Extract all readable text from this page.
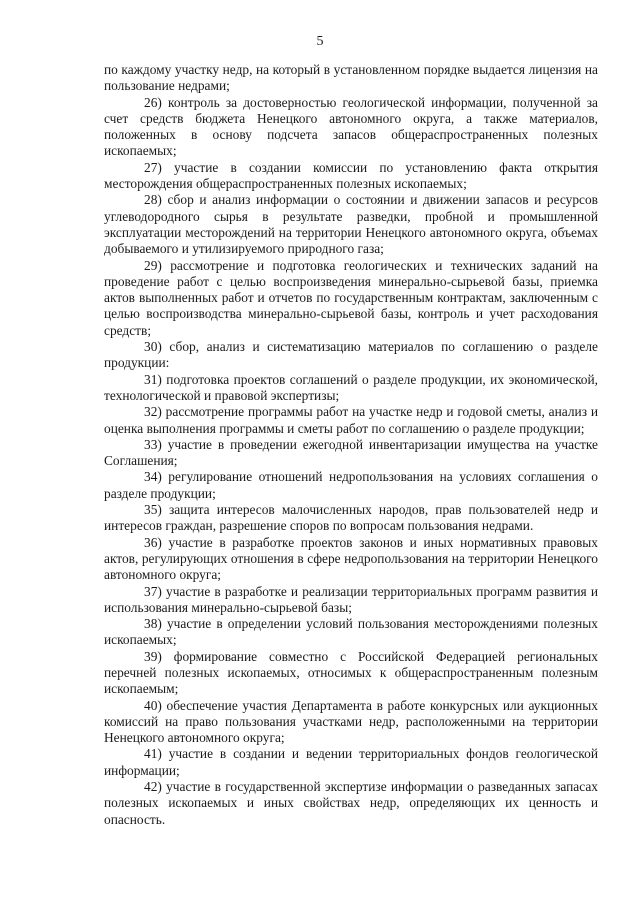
5

по каждому участку недр, на который в установленном порядке выдается лицензия на пользование недрами;

26) контроль за достоверностью геологической информации, полученной за счет средств бюджета Ненецкого автономного округа, а также материалов, положенных в основу подсчета запасов общераспространенных полезных ископаемых;

27) участие в создании комиссии по установлению факта открытия месторождения общераспространенных полезных ископаемых;

28) сбор и анализ информации о состоянии и движении запасов и ресурсов углеводородного сырья в результате разведки, пробной и промышленной эксплуатации месторождений на территории Ненецкого автономного округа, объемах добываемого и утилизируемого природного газа;

29) рассмотрение и подготовка геологических и технических заданий на проведение работ с целью воспроизведения минерально-сырьевой базы, приемка актов выполненных работ и отчетов по государственным контрактам, заключенным с целью воспроизводства минерально-сырьевой базы, контроль и учет расходования средств;

30) сбор, анализ и систематизацию материалов по соглашению о разделе продукции:

31) подготовка проектов соглашений о разделе продукции, их экономической, технологической и правовой экспертизы;

32) рассмотрение программы работ на участке недр и годовой сметы, анализ и оценка выполнения программы и сметы работ по соглашению о разделе продукции;

33) участие в проведении ежегодной инвентаризации имущества на участке Соглашения;

34) регулирование отношений недропользования на условиях соглашения о разделе продукции;

35) защита интересов малочисленных народов, прав пользователей недр и интересов граждан, разрешение споров по вопросам пользования недрами.

36) участие в разработке проектов законов и иных нормативных правовых актов, регулирующих отношения в сфере недропользования на территории Ненецкого автономного округа;

37) участие в разработке и реализации территориальных программ развития и использования минерально-сырьевой базы;

38) участие в определении условий пользования месторождениями полезных ископаемых;

39) формирование совместно с Российской Федерацией региональных перечней полезных ископаемых, относимых к общераспространенным полезным ископаемым;

40) обеспечение участия Департамента в работе конкурсных или аукционных комиссий на право пользования участками недр, расположенными на территории Ненецкого автономного округа;

41) участие в создании и ведении территориальных фондов геологической информации;

42) участие в государственной экспертизе информации о разведанных запасах полезных ископаемых и иных свойствах недр, определяющих их ценность и опасность.
